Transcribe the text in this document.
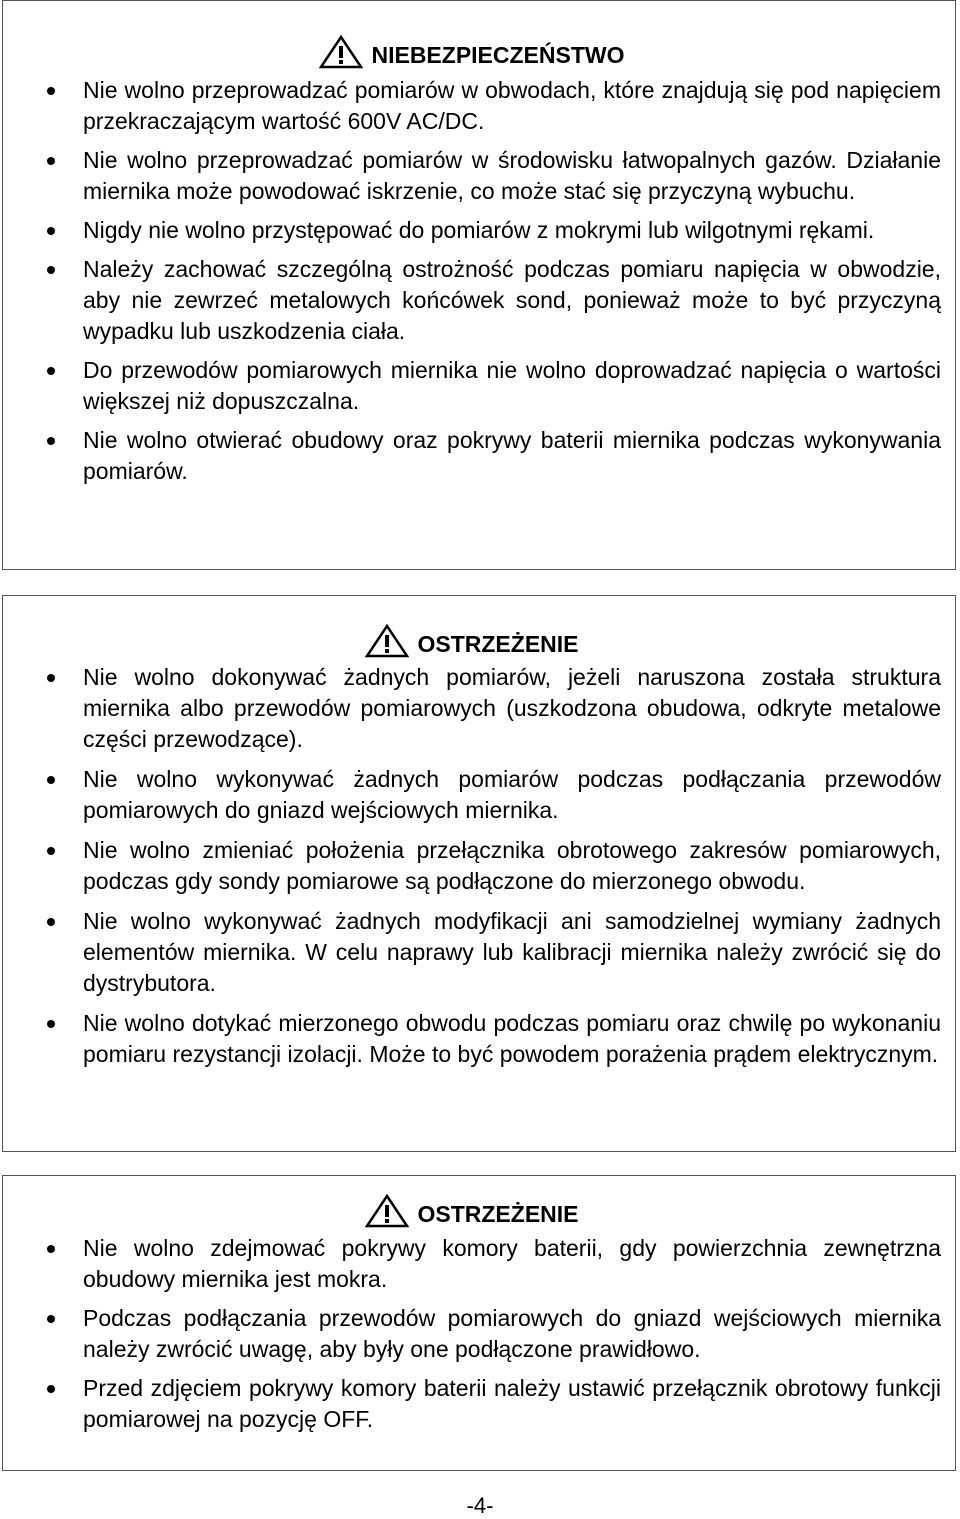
NIEBEZPIECZEŃSTWO
Nie wolno przeprowadzać pomiarów w obwodach, które znajdują się pod napięciem przekraczającym wartość 600V AC/DC.
Nie wolno przeprowadzać pomiarów w środowisku łatwopalnych gazów. Działanie miernika może powodować iskrzenie, co może stać się przyczyną wybuchu.
Nigdy nie wolno przystępować do pomiarów z mokrymi lub wilgotnymi rękami.
Należy zachować szczególną ostrożność podczas pomiaru napięcia w obwodzie, aby nie zewrzeć metalowych końcówek sond, ponieważ może to być przyczyną wypadku lub uszkodzenia ciała.
Do przewodów pomiarowych miernika nie wolno doprowadzać napięcia o wartości większej niż dopuszczalna.
Nie wolno otwierać obudowy oraz pokrywy baterii miernika podczas wykonywania pomiarów.
OSTRZEŻENIE
Nie wolno dokonywać żadnych pomiarów, jeżeli naruszona została struktura miernika albo przewodów pomiarowych (uszkodzona obudowa, odkryte metalowe części przewodzące).
Nie wolno wykonywać żadnych pomiarów podczas podłączania przewodów pomiarowych do gniazd wejściowych miernika.
Nie wolno zmieniać położenia przełącznika obrotowego zakresów pomiarowych, podczas gdy sondy pomiarowe są podłączone do mierzonego obwodu.
Nie wolno wykonywać żadnych modyfikacji ani samodzielnej wymiany żadnych elementów miernika. W celu naprawy lub kalibracji miernika należy zwrócić się do dystrybutora.
Nie wolno dotykać mierzonego obwodu podczas pomiaru oraz chwilę po wykonaniu pomiaru rezystancji izolacji. Może to być powodem porażenia prądem elektrycznym.
OSTRZEŻENIE
Nie wolno zdejmować pokrywy komory baterii, gdy powierzchnia zewnętrzna obudowy miernika jest mokra.
Podczas podłączania przewodów pomiarowych do gniazd wejściowych miernika należy zwrócić uwagę, aby były one podłączone prawidłowo.
Przed zdjęciem pokrywy komory baterii należy ustawić przełącznik obrotowy funkcji pomiarowej na pozycję OFF.
-4-
